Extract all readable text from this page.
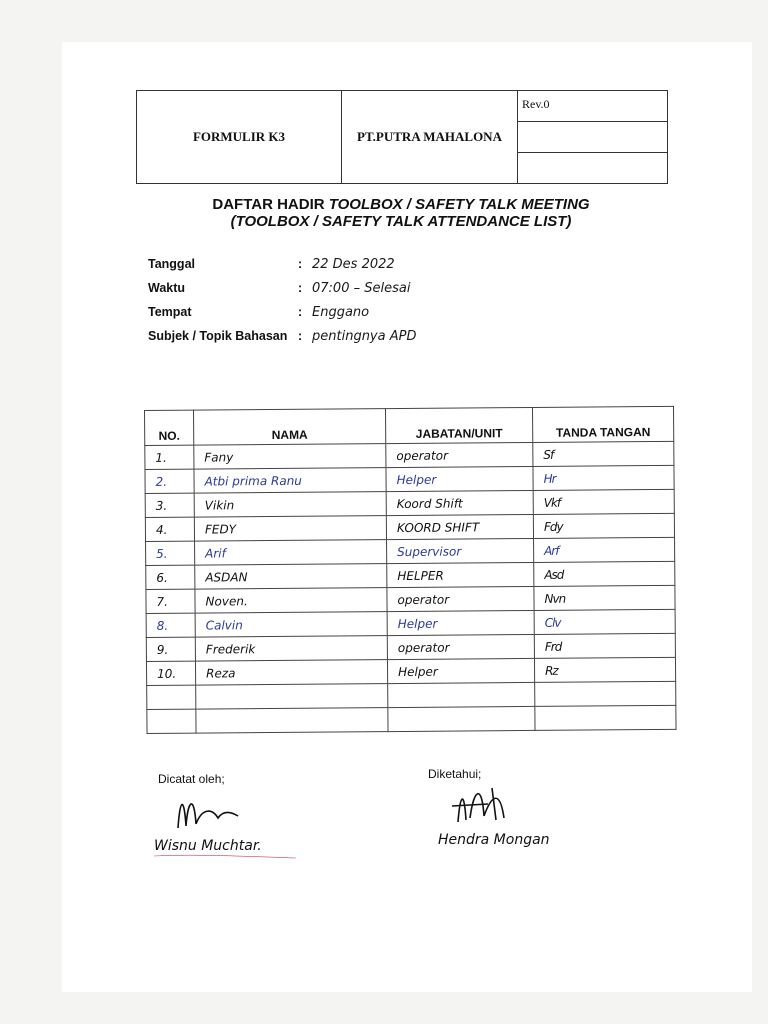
FORMULIR K3	PT.PUTRA MAHALONA
Rev.0
DAFTAR HADIR TOOLBOX / SAFETY TALK MEETING
(TOOLBOX / SAFETY TALK ATTENDANCE LIST)
Tanggal	: 22 Des 2022
Waktu	: 07:00 – Selesai
Tempat	: Enggano
Subjek / Topik Bahasan : pentingnya APD
NO.	NAMA	JABATAN/UNIT	TANDA TANGAN
1.	Fany	operator	Sf
2.	Atbi prima Ranu	Helper	Hr
3.	Vikin	Koord Shift	Vkf
4.	FEDY	KOORD SHIFT	Fdy
5.	Arif	Supervisor	Arf
6.	ASDAN	HELPER	Asd
7.	Noven.	operator	Nvn
8.	Calvin	Helper	Clv
9.	Frederik	operator	Frd
10.	Reza	Helper	Rz

Dicatat oleh;
Wisnu Muchtar.
Diketahui;
Hendra Mongan
